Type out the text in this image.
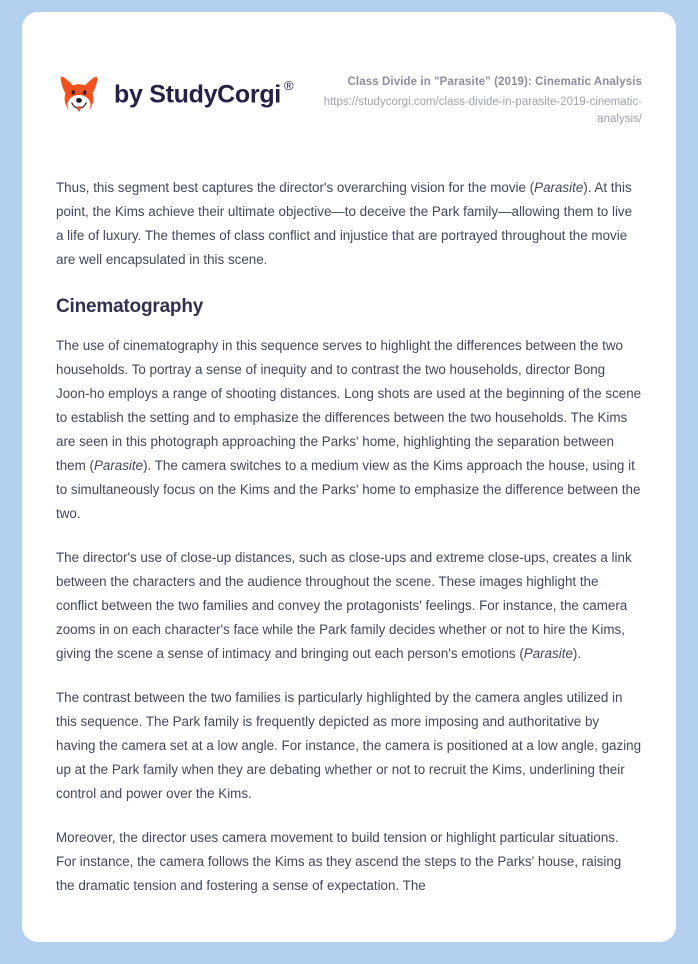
by StudyCorgi ®	Class Divide in "Parasite" (2019): Cinematic Analysis
https://studycorgi.com/class-divide-in-parasite-2019-cinematic-analysis/

Thus, this segment best captures the director's overarching vision for the movie (Parasite). At this point, the Kims achieve their ultimate objective—to deceive the Park family—allowing them to live a life of luxury. The themes of class conflict and injustice that are portrayed throughout the movie are well encapsulated in this scene.

Cinematography

The use of cinematography in this sequence serves to highlight the differences between the two households. To portray a sense of inequity and to contrast the two households, director Bong Joon-ho employs a range of shooting distances. Long shots are used at the beginning of the scene to establish the setting and to emphasize the differences between the two households. The Kims are seen in this photograph approaching the Parks' home, highlighting the separation between them (Parasite). The camera switches to a medium view as the Kims approach the house, using it to simultaneously focus on the Kims and the Parks' home to emphasize the difference between the two.

The director's use of close-up distances, such as close-ups and extreme close-ups, creates a link between the characters and the audience throughout the scene. These images highlight the conflict between the two families and convey the protagonists' feelings. For instance, the camera zooms in on each character's face while the Park family decides whether or not to hire the Kims, giving the scene a sense of intimacy and bringing out each person's emotions (Parasite).

The contrast between the two families is particularly highlighted by the camera angles utilized in this sequence. The Park family is frequently depicted as more imposing and authoritative by having the camera set at a low angle. For instance, the camera is positioned at a low angle, gazing up at the Park family when they are debating whether or not to recruit the Kims, underlining their control and power over the Kims.

Moreover, the director uses camera movement to build tension or highlight particular situations. For instance, the camera follows the Kims as they ascend the steps to the Parks' house, raising the dramatic tension and fostering a sense of expectation. The
